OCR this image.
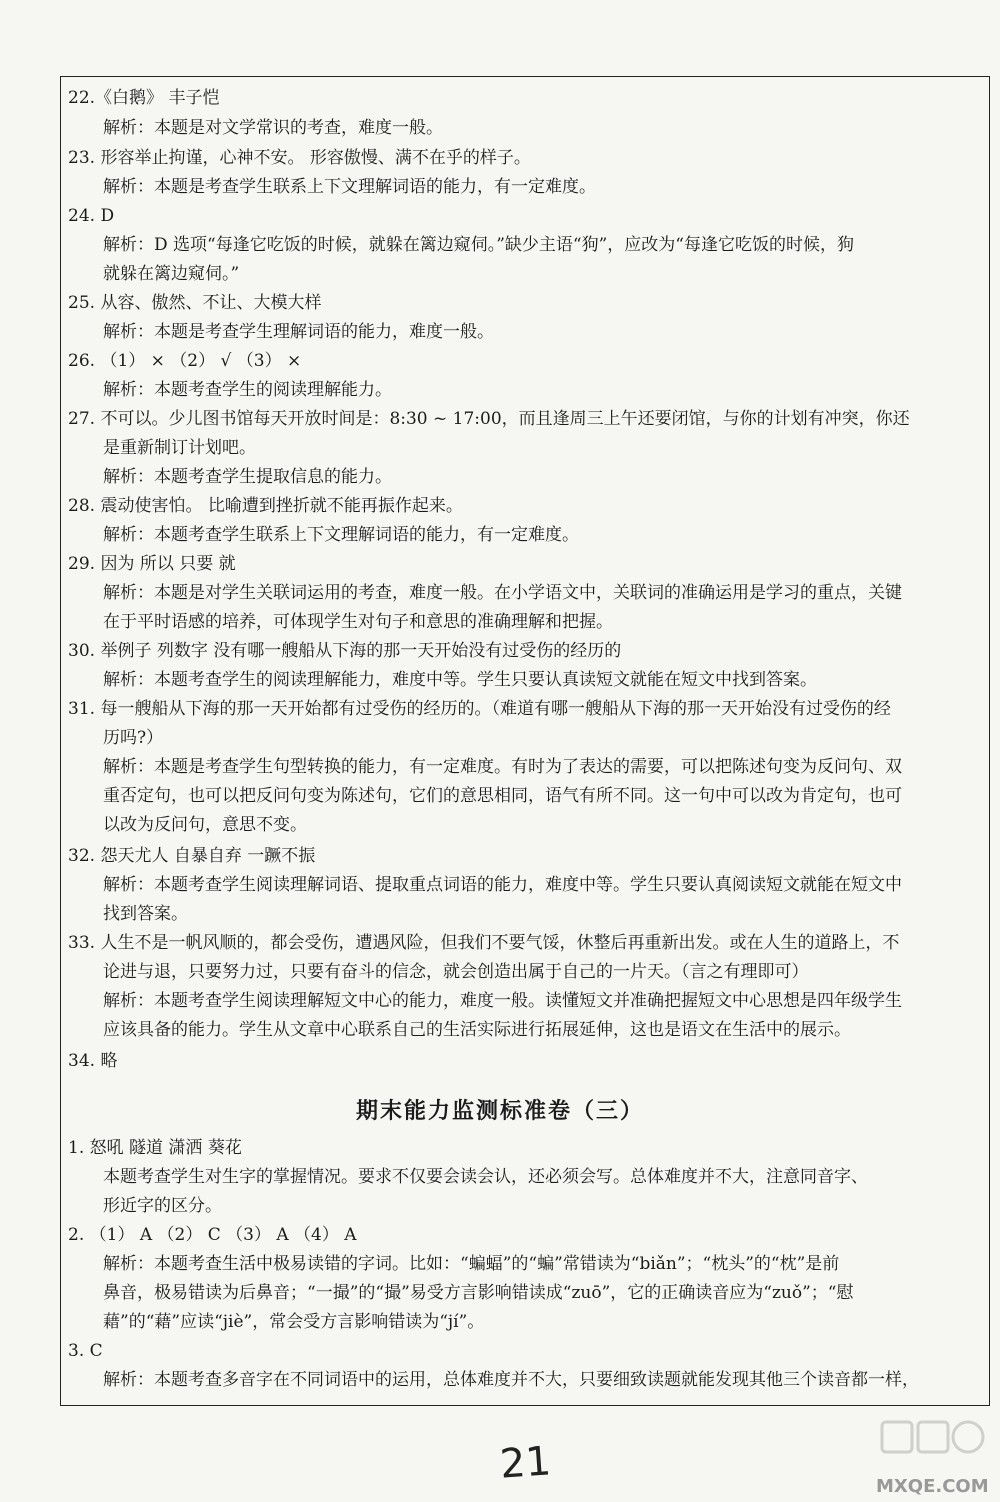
22.《白鹅》 丰子恺
解析：本题是对文学常识的考查，难度一般。
23. 形容举止拘谨，心神不安。 形容傲慢、满不在乎的样子。
解析：本题是考查学生联系上下文理解词语的能力，有一定难度。
24. D
解析：D 选项“每逢它吃饭的时候，就躲在篱边窥伺。”缺少主语“狗”，应改为“每逢它吃饭的时候，狗
就躲在篱边窥伺。”
25. 从容、傲然、不让、大模大样
解析：本题是考查学生理解词语的能力，难度一般。
26. （1） × （2） √ （3） ×
解析：本题考查学生的阅读理解能力。
27. 不可以。少儿图书馆每天开放时间是：8:30 ~ 17:00，而且逢周三上午还要闭馆，与你的计划有冲突，你还
是重新制订计划吧。
解析：本题考查学生提取信息的能力。
28. 震动使害怕。 比喻遭到挫折就不能再振作起来。
解析：本题考查学生联系上下文理解词语的能力，有一定难度。
29. 因为 所以 只要 就
解析：本题是对学生关联词运用的考查，难度一般。在小学语文中，关联词的准确运用是学习的重点，关键
在于平时语感的培养，可体现学生对句子和意思的准确理解和把握。
30. 举例子 列数字 没有哪一艘船从下海的那一天开始没有过受伤的经历的
解析：本题考查学生的阅读理解能力，难度中等。学生只要认真读短文就能在短文中找到答案。
31. 每一艘船从下海的那一天开始都有过受伤的经历的。（难道有哪一艘船从下海的那一天开始没有过受伤的经
历吗?）
解析：本题是考查学生句型转换的能力，有一定难度。有时为了表达的需要，可以把陈述句变为反问句、双
重否定句，也可以把反问句变为陈述句，它们的意思相同，语气有所不同。这一句中可以改为肯定句，也可
以改为反问句，意思不变。
32. 怨天尤人 自暴自弃 一蹶不振
解析：本题考查学生阅读理解词语、提取重点词语的能力，难度中等。学生只要认真阅读短文就能在短文中
找到答案。
33. 人生不是一帆风顺的，都会受伤，遭遇风险，但我们不要气馁，休整后再重新出发。或在人生的道路上，不
论进与退，只要努力过，只要有奋斗的信念，就会创造出属于自己的一片天。（言之有理即可）
解析：本题考查学生阅读理解短文中心的能力，难度一般。读懂短文并准确把握短文中心思想是四年级学生
应该具备的能力。学生从文章中心联系自己的生活实际进行拓展延伸，这也是语文在生活中的展示。
34. 略
1. 怒吼 隧道 潇洒 葵花
本题考查学生对生字的掌握情况。要求不仅要会读会认，还必须会写。总体难度并不大，注意同音字、
形近字的区分。
2. （1） A （2） C （3） A （4） A
解析：本题考查生活中极易读错的字词。比如：“蝙蝠”的“蝙”常错读为“biǎn”；“枕头”的“枕”是前
鼻音，极易错读为后鼻音；“一撮”的“撮”易受方言影响错读成“zuō”，它的正确读音应为“zuǒ”；“慰
藉”的“藉”应读“jiè”，常会受方言影响错读为“jí”。
3. C
解析：本题考查多音字在不同词语中的运用，总体难度并不大，只要细致读题就能发现其他三个读音都一样，
期末能力监测标准卷（三）
21	MXQE.COM
